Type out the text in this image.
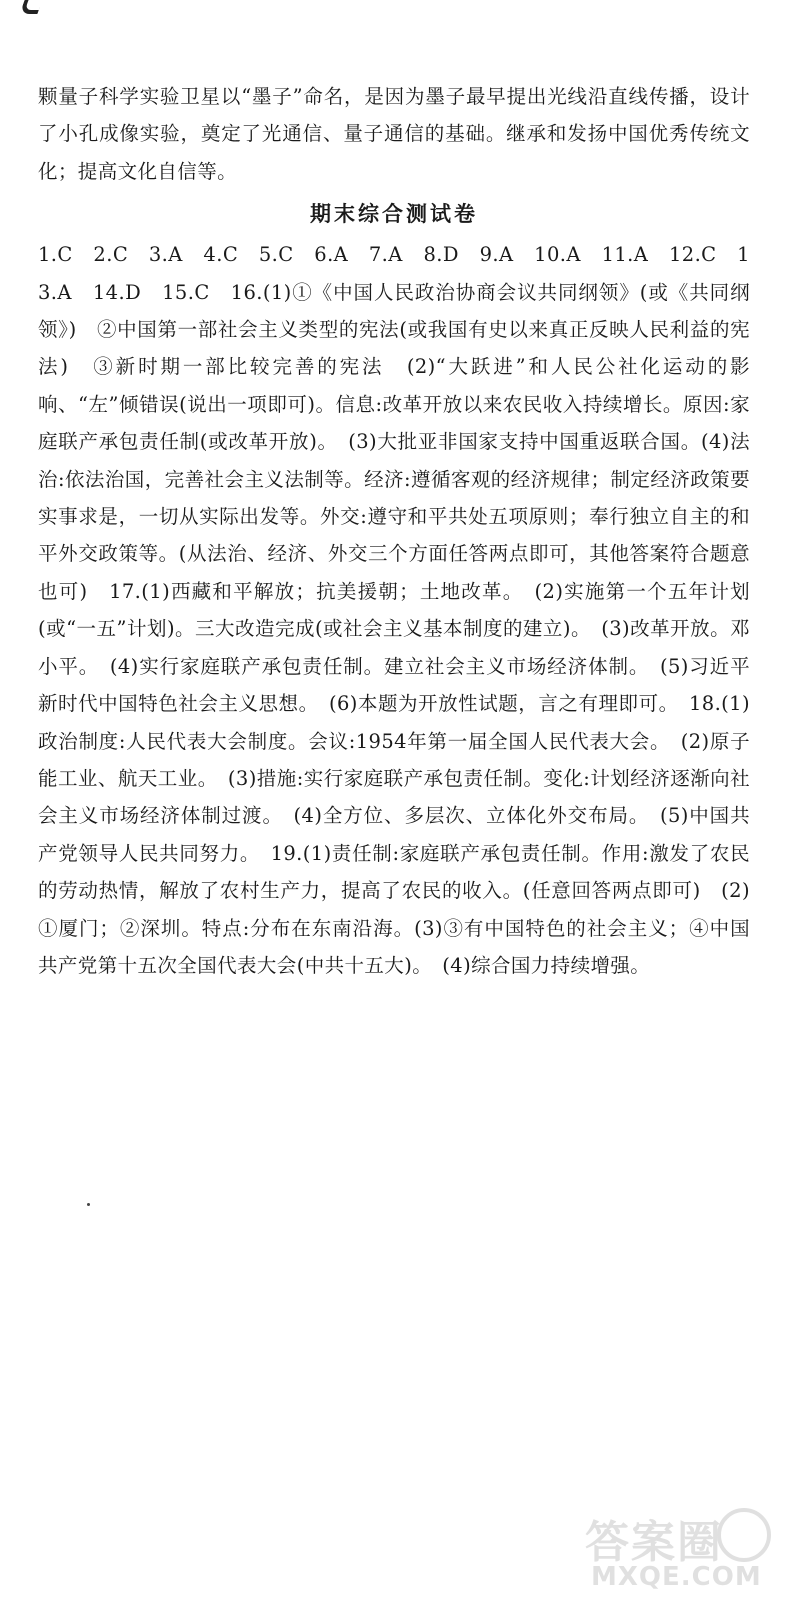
颗量子科学实验卫星以“墨子”命名，是因为墨子最早提出光线沿直线传播，设计了小孔成像实验，奠定了光通信、量子通信的基础。继承和发扬中国优秀传统文化；提高文化自信等。

期末综合测试卷

1.C　2.C　3.A　4.C　5.C　6.A　7.A　8.D　9.A　10.A　11.A　12.C　13.A　14.D　15.C　16.(1)①《中国人民政治协商会议共同纲领》(或《共同纲领》)　②中国第一部社会主义类型的宪法(或我国有史以来真正反映人民利益的宪法)　③新时期一部比较完善的宪法　(2)“大跃进”和人民公社化运动的影响、“左”倾错误(说出一项即可)。信息:改革开放以来农民收入持续增长。原因:家庭联产承包责任制(或改革开放)。　(3)大批亚非国家支持中国重返联合国。(4)法治:依法治国，完善社会主义法制等。经济:遵循客观的经济规律；制定经济政策要实事求是，一切从实际出发等。外交:遵守和平共处五项原则；奉行独立自主的和平外交政策等。(从法治、经济、外交三个方面任答两点即可，其他答案符合题意也可)　17.(1)西藏和平解放；抗美援朝；土地改革。　(2)实施第一个五年计划(或“一五”计划)。三大改造完成(或社会主义基本制度的建立)。　(3)改革开放。邓小平。　(4)实行家庭联产承包责任制。建立社会主义市场经济体制。　(5)习近平新时代中国特色社会主义思想。　(6)本题为开放性试题，言之有理即可。　18.(1)政治制度:人民代表大会制度。会议:1954年第一届全国人民代表大会。　(2)原子能工业、航天工业。　(3)措施:实行家庭联产承包责任制。变化:计划经济逐渐向社会主义市场经济体制过渡。　(4)全方位、多层次、立体化外交布局。　(5)中国共产党领导人民共同努力。　19.(1)责任制:家庭联产承包责任制。作用:激发了农民的劳动热情，解放了农村生产力，提高了农民的收入。(任意回答两点即可)　(2)①厦门；②深圳。特点:分布在东南沿海。(3)③有中国特色的社会主义；④中国共产党第十五次全国代表大会(中共十五大)。　(4)综合国力持续增强。

答案圈
MXQE.COM
